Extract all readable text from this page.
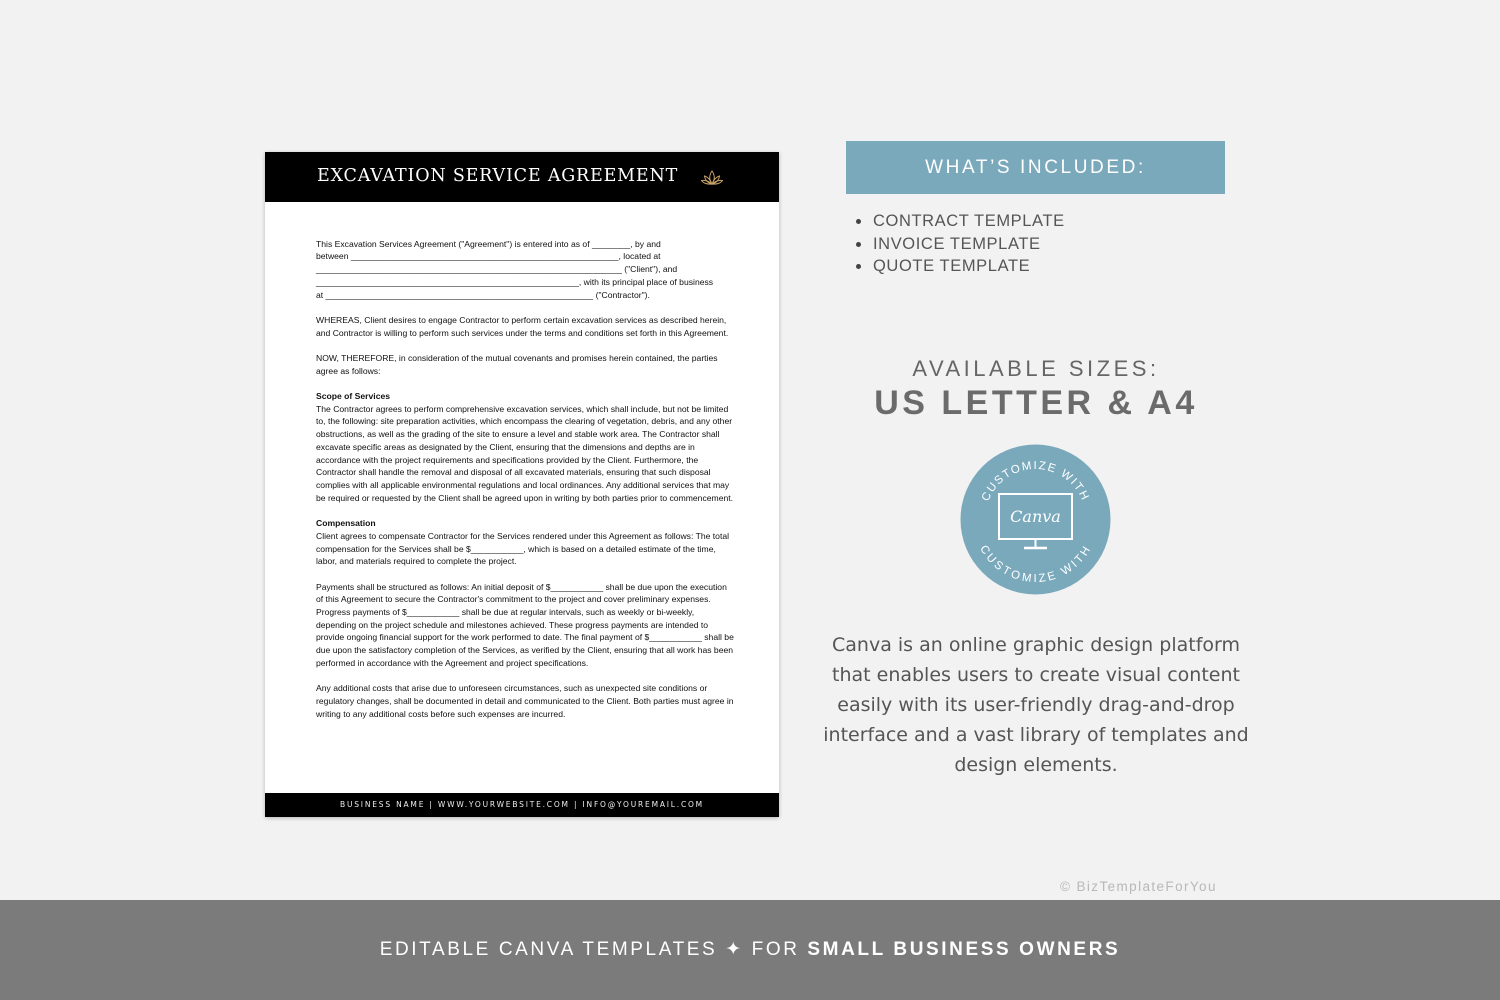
EXCAVATION SERVICE AGREEMENT

This Excavation Services Agreement ("Agreement") is entered into as of ________, by and
between ________________________________________________________, located at
________________________________________________________________ ("Client"), and
_______________________________________________________, with its principal place of business
at ________________________________________________________ ("Contractor").

WHEREAS, Client desires to engage Contractor to perform certain excavation services as described herein, and Contractor is willing to perform such services under the terms and conditions set forth in this Agreement.

NOW, THEREFORE, in consideration of the mutual covenants and promises herein contained, the parties agree as follows:

Scope of Services

The Contractor agrees to perform comprehensive excavation services, which shall include, but not be limited to, the following: site preparation activities, which encompass the clearing of vegetation, debris, and any other obstructions, as well as the grading of the site to ensure a level and stable work area. The Contractor shall excavate specific areas as designated by the Client, ensuring that the dimensions and depths are in accordance with the project requirements and specifications provided by the Client. Furthermore, the Contractor shall handle the removal and disposal of all excavated materials, ensuring that such disposal complies with all applicable environmental regulations and local ordinances. Any additional services that may be required or requested by the Client shall be agreed upon in writing by both parties prior to commencement.

Compensation

Client agrees to compensate Contractor for the Services rendered under this Agreement as follows: The total compensation for the Services shall be $___________, which is based on a detailed estimate of the time, labor, and materials required to complete the project.

Payments shall be structured as follows: An initial deposit of $___________ shall be due upon the execution of this Agreement to secure the Contractor's commitment to the project and cover preliminary expenses. Progress payments of $___________ shall be due at regular intervals, such as weekly or bi-weekly, depending on the project schedule and milestones achieved. These progress payments are intended to provide ongoing financial support for the work performed to date. The final payment of $___________ shall be due upon the satisfactory completion of the Services, as verified by the Client, ensuring that all work has been performed in accordance with the Agreement and project specifications.

Any additional costs that arise due to unforeseen circumstances, such as unexpected site conditions or regulatory changes, shall be documented in detail and communicated to the Client. Both parties must agree in writing to any additional costs before such expenses are incurred.

BUSINESS NAME | WWW.YOURWEBSITE.COM | INFO@YOUREMAIL.COM
WHAT’S INCLUDED:
CONTRACT TEMPLATE
INVOICE TEMPLATE
QUOTE TEMPLATE
AVAILABLE SIZES:
US LETTER & A4
CUSTOMIZE WITH
CUSTOMIZE WITH
Canva
Canva is an online graphic design platform that enables users to create visual content easily with its user-friendly drag-and-drop interface and a vast library of templates and design elements.
© BizTemplateForYou
EDITABLE CANVA TEMPLATES ✦ FOR SMALL BUSINESS OWNERS
